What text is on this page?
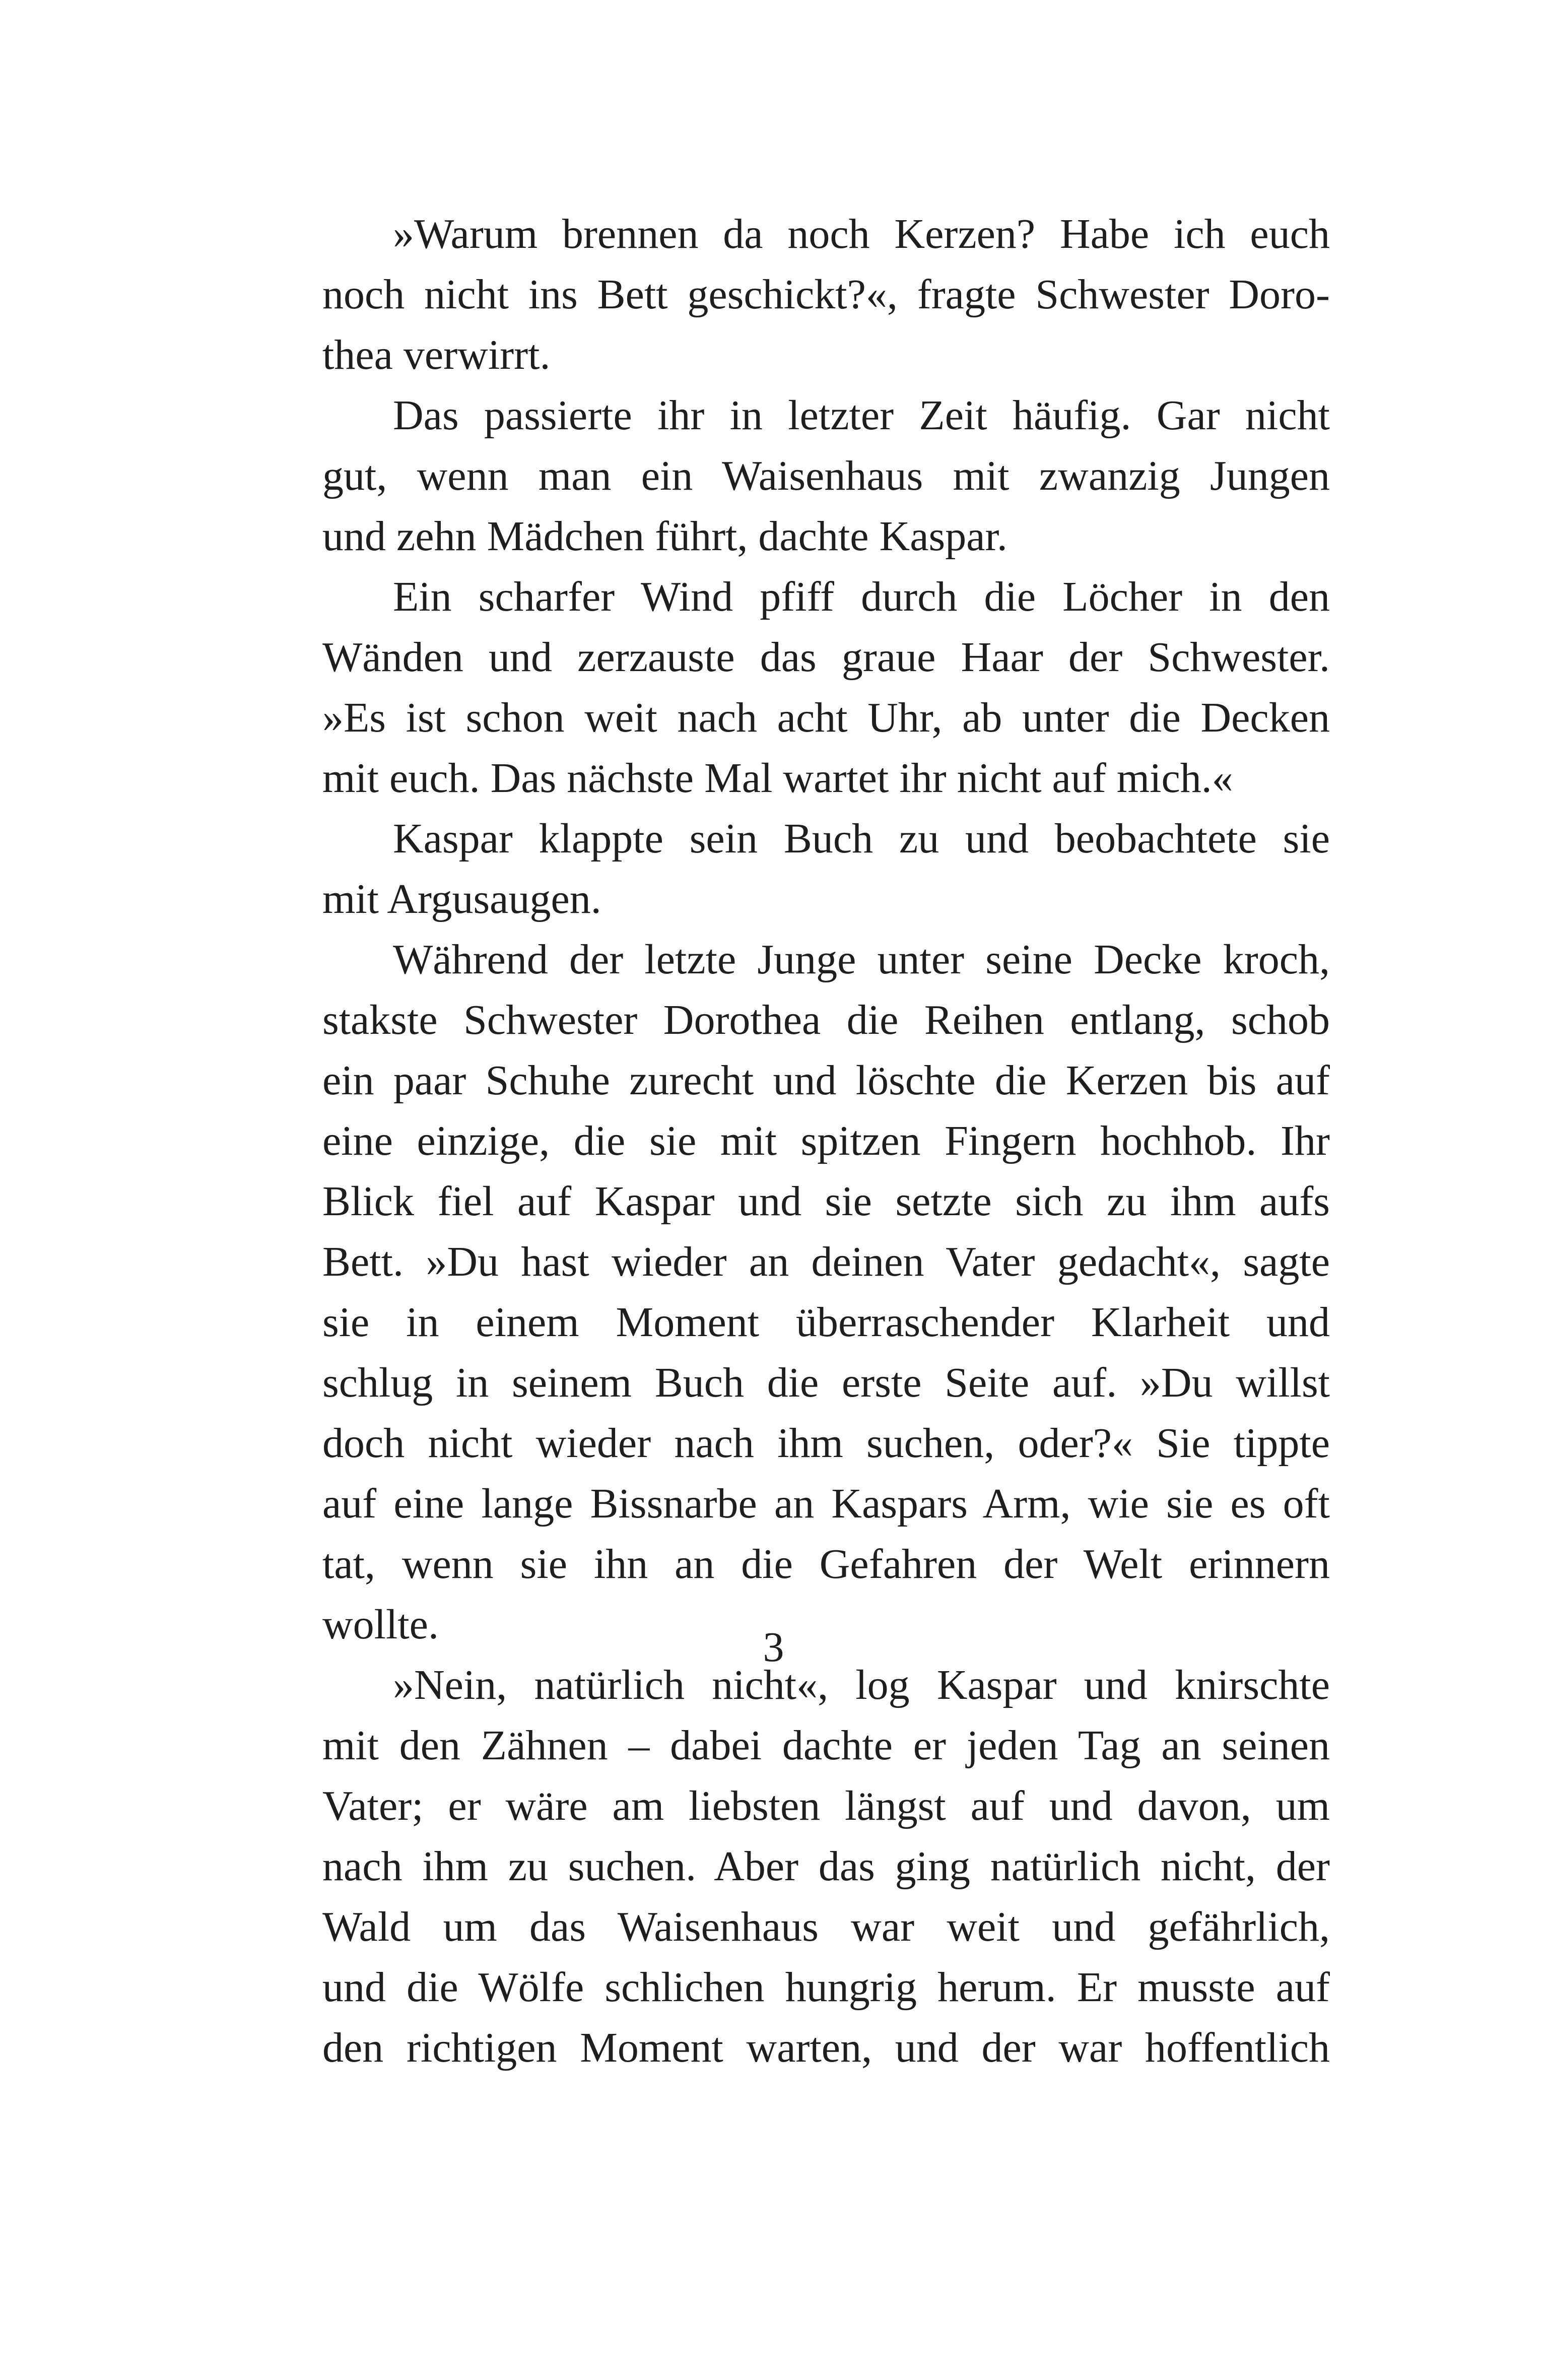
»Warum brennen da noch Kerzen? Habe ich euch
noch nicht ins Bett geschickt?«, fragte Schwester Doro-
thea verwirrt.
Das passierte ihr in letzter Zeit häufig. Gar nicht
gut, wenn man ein Waisenhaus mit zwanzig Jungen
und zehn Mädchen führt, dachte Kaspar.
Ein scharfer Wind pfiff durch die Löcher in den
Wänden und zerzauste das graue Haar der Schwester.
»Es ist schon weit nach acht Uhr, ab unter die Decken
mit euch. Das nächste Mal wartet ihr nicht auf mich.«
Kaspar klappte sein Buch zu und beobachtete sie
mit Argusaugen.
Während der letzte Junge unter seine Decke kroch,
stakste Schwester Dorothea die Reihen entlang, schob
ein paar Schuhe zurecht und löschte die Kerzen bis auf
eine einzige, die sie mit spitzen Fingern hochhob. Ihr
Blick fiel auf Kaspar und sie setzte sich zu ihm aufs
Bett. »Du hast wieder an deinen Vater gedacht«, sagte
sie in einem Moment überraschender Klarheit und
schlug in seinem Buch die erste Seite auf. »Du willst
doch nicht wieder nach ihm suchen, oder?« Sie tippte
auf eine lange Bissnarbe an Kaspars Arm, wie sie es oft
tat, wenn sie ihn an die Gefahren der Welt erinnern
wollte.
»Nein, natürlich nicht«, log Kaspar und knirschte
mit den Zähnen – dabei dachte er jeden Tag an seinen
Vater; er wäre am liebsten längst auf und davon, um
nach ihm zu suchen. Aber das ging natürlich nicht, der
Wald um das Waisenhaus war weit und gefährlich,
und die Wölfe schlichen hungrig herum. Er musste auf
den richtigen Moment warten, und der war hoffentlich
3
